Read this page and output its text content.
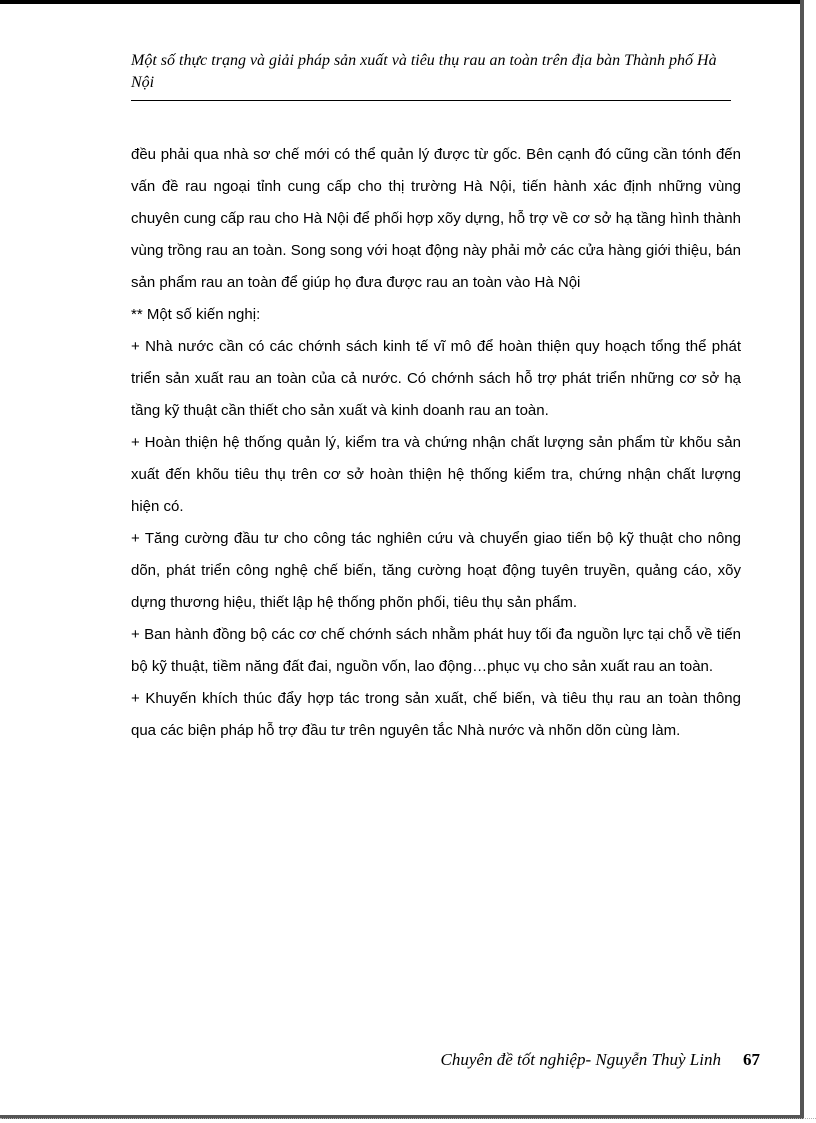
Một số thực trạng và giải pháp sản xuất và tiêu thụ rau an toàn trên địa bàn Thành phố Hà Nội

đều phải qua nhà sơ chế mới có thể quản lý được từ gốc. Bên cạnh đó cũng cần tónh đến vấn đề rau ngoại tỉnh cung cấp cho thị trường Hà Nội, tiến hành xác định những vùng chuyên cung cấp rau cho Hà Nội để phối hợp xõy dựng, hỗ trợ về cơ sở hạ tầng hình thành vùng trồng rau an toàn. Song song với hoạt động này phải mở các cửa hàng giới thiệu, bán sản phẩm rau an toàn để giúp họ đưa được rau an toàn vào Hà Nội

** Một số kiến nghị:

+ Nhà nước cần có các chớnh sách kinh tế vĩ mô để hoàn thiện quy hoạch tổng thể phát triển sản xuất rau an toàn của cả nước. Có chớnh sách hỗ trợ phát triển những cơ sở hạ tầng kỹ thuật cần thiết cho sản xuất và kinh doanh rau an toàn.

+ Hoàn thiện hệ thống quản lý, kiểm tra và chứng nhận chất lượng sản phẩm từ khõu sản xuất đến khõu tiêu thụ trên cơ sở hoàn thiện hệ thống kiểm tra, chứng nhận chất lượng hiện có.

+ Tăng cường đầu tư cho công tác nghiên cứu và chuyển giao tiến bộ kỹ thuật cho nông dõn, phát triển công nghệ chế biến, tăng cường hoạt động tuyên truyền, quảng cáo, xõy dựng thương hiệu, thiết lập hệ thống phõn phối, tiêu thụ sản phẩm.

+ Ban hành đồng bộ các cơ chế chớnh sách nhằm phát huy tối đa nguồn lực tại chỗ về tiến bộ kỹ thuật, tiềm năng đất đai, nguồn vốn, lao động…phục vụ cho sản xuất rau an toàn.

+ Khuyến khích thúc đẩy hợp tác trong sản xuất, chế biến, và tiêu thụ rau an toàn thông qua các biện pháp hỗ trợ đầu tư trên nguyên tắc Nhà nước và nhõn dõn cùng làm.

Chuyên đề tốt nghiệp- Nguyễn Thuỳ Linh 67
